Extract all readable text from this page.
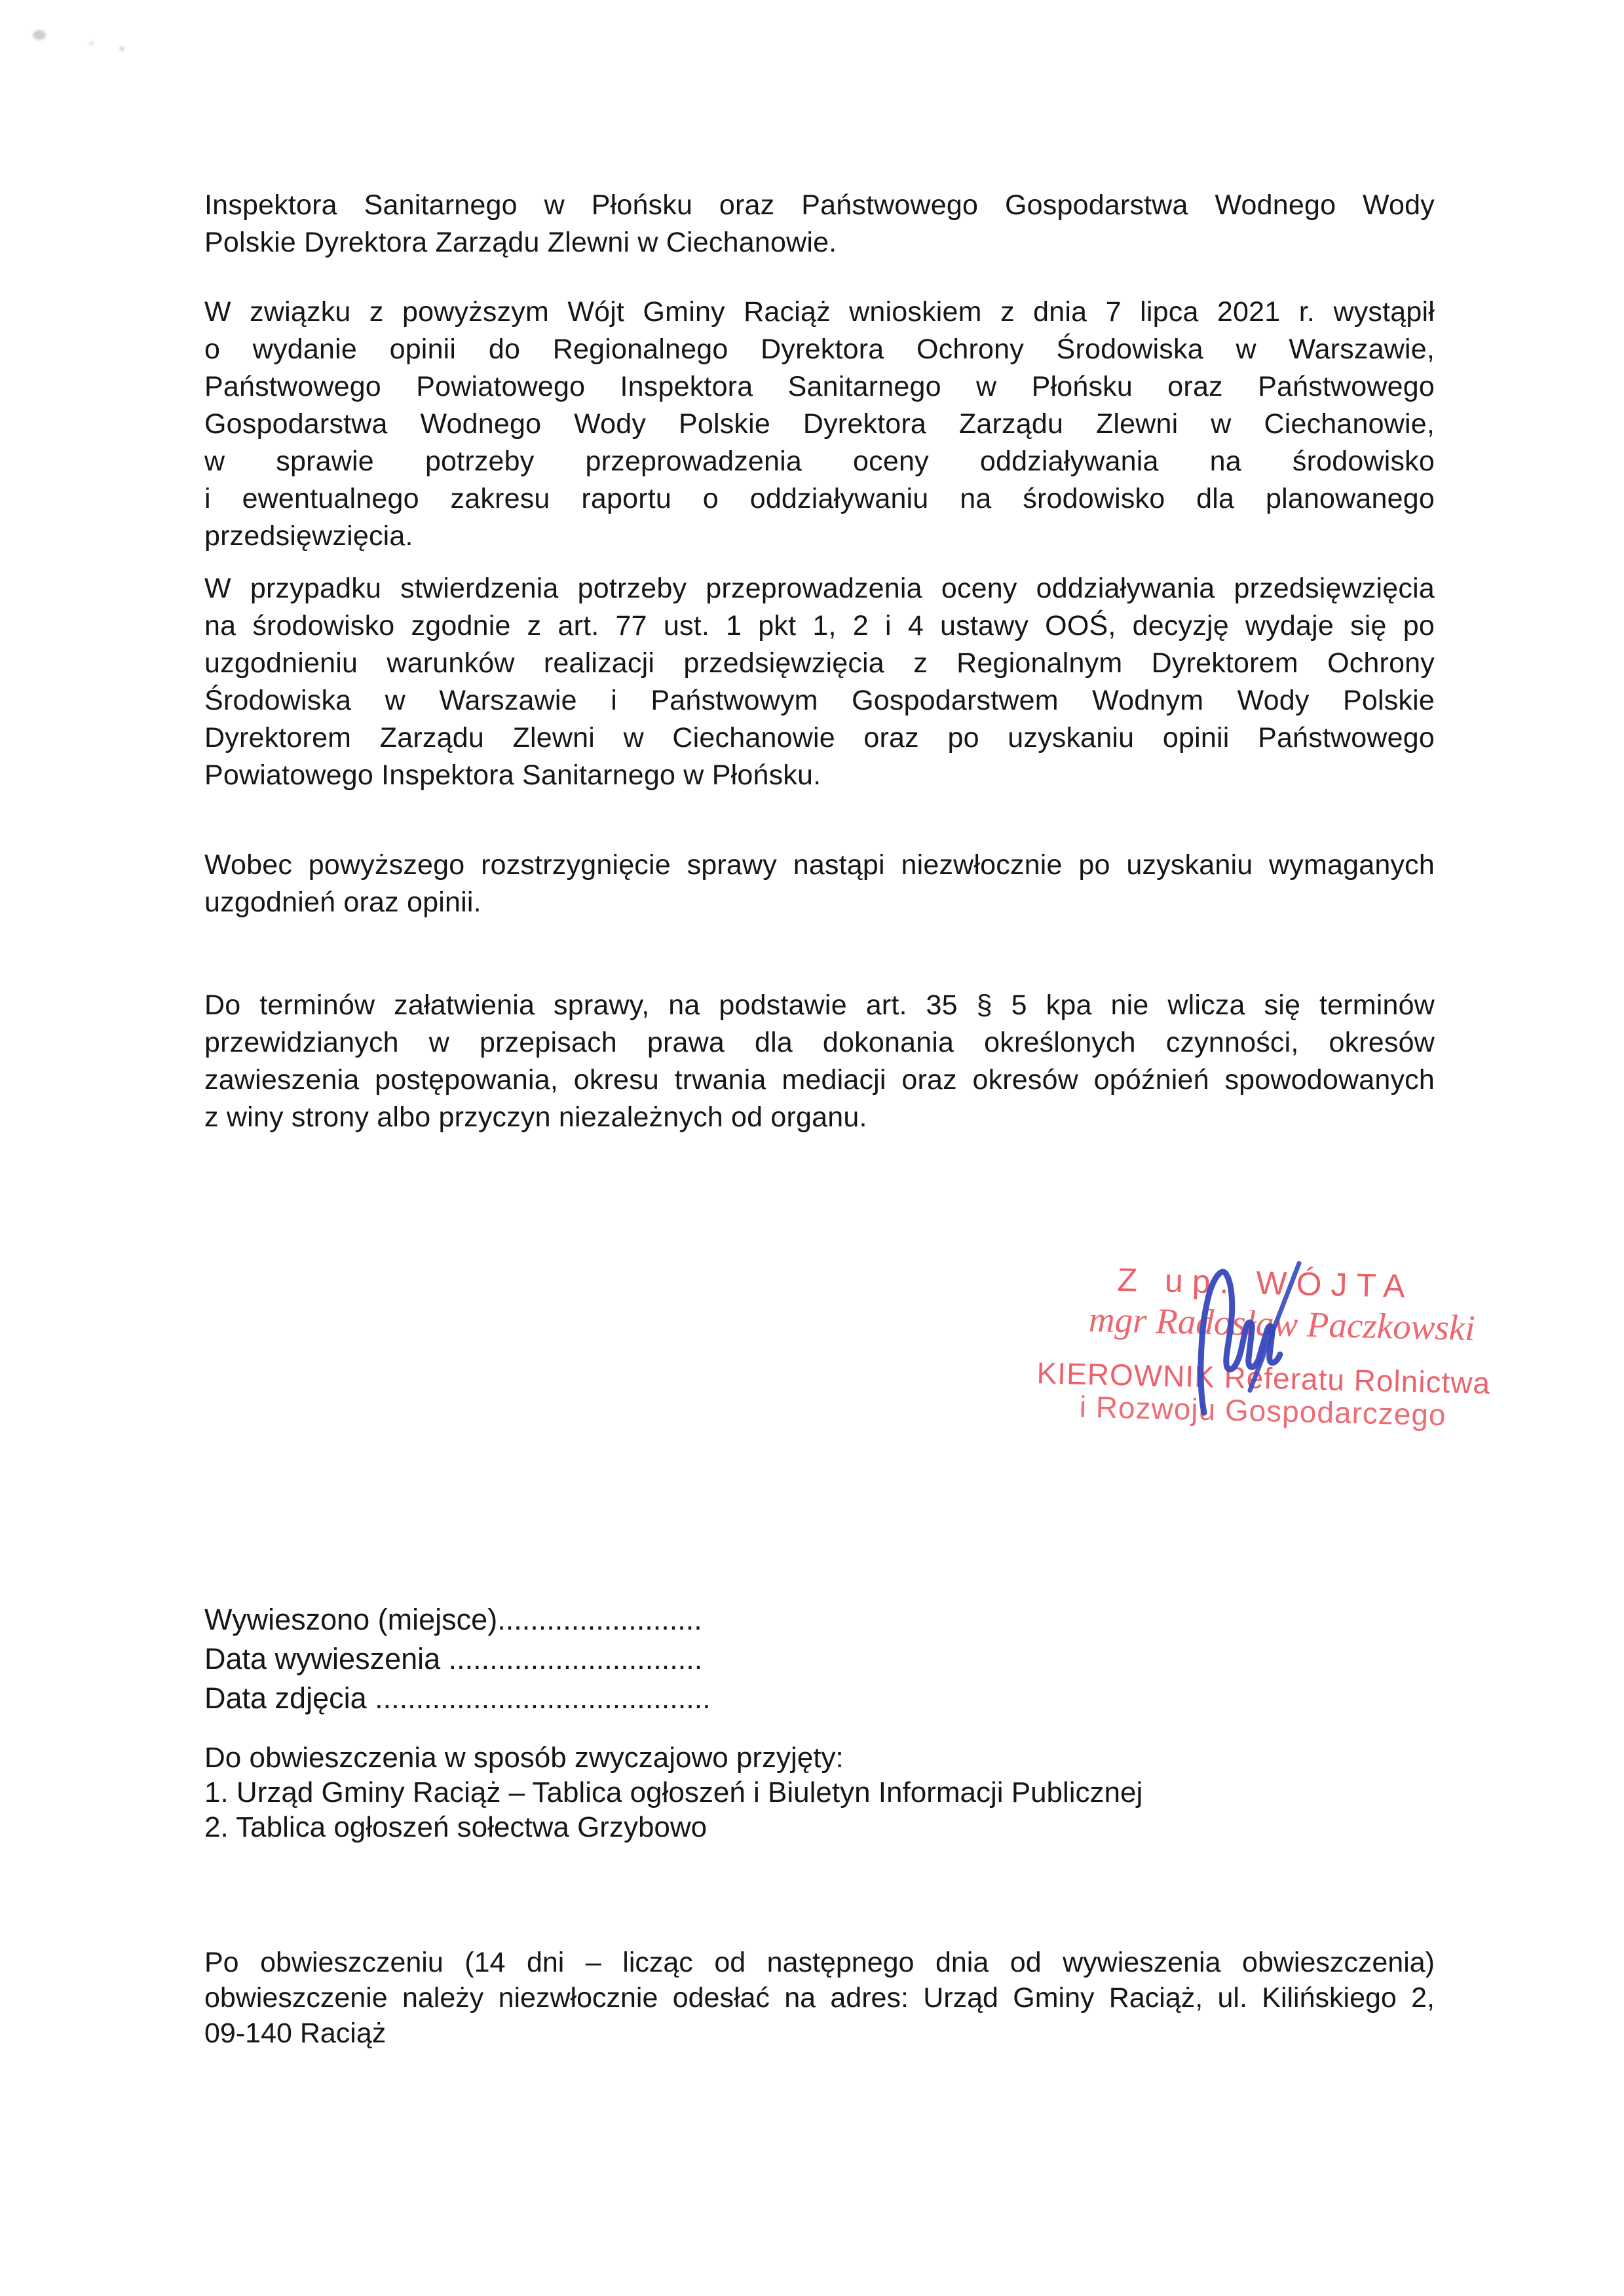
Inspektora Sanitarnego w Płońsku oraz Państwowego Gospodarstwa Wodnego Wody
Polskie Dyrektora Zarządu Zlewni w Ciechanowie.
W związku z powyższym Wójt Gminy Raciąż wnioskiem z dnia 7 lipca 2021 r. wystąpił
o wydanie opinii do Regionalnego Dyrektora Ochrony Środowiska w Warszawie,
Państwowego Powiatowego Inspektora Sanitarnego w Płońsku oraz Państwowego
Gospodarstwa Wodnego Wody Polskie Dyrektora Zarządu Zlewni w Ciechanowie,
w sprawie potrzeby przeprowadzenia oceny oddziaływania na środowisko
i ewentualnego zakresu raportu o oddziaływaniu na środowisko dla planowanego
przedsięwzięcia.
W przypadku stwierdzenia potrzeby przeprowadzenia oceny oddziaływania przedsięwzięcia
na środowisko zgodnie z art. 77 ust. 1 pkt 1, 2 i 4 ustawy OOŚ, decyzję wydaje się po
uzgodnieniu warunków realizacji przedsięwzięcia z Regionalnym Dyrektorem Ochrony
Środowiska w Warszawie i Państwowym Gospodarstwem Wodnym Wody Polskie
Dyrektorem Zarządu Zlewni w Ciechanowie oraz po uzyskaniu opinii Państwowego
Powiatowego Inspektora Sanitarnego w Płońsku.
Wobec powyższego rozstrzygnięcie sprawy nastąpi niezwłocznie po uzyskaniu wymaganych
uzgodnień oraz opinii.
Do terminów załatwienia sprawy, na podstawie art. 35 § 5 kpa nie wlicza się terminów
przewidzianych w przepisach prawa dla dokonania określonych czynności, okresów
zawieszenia postępowania, okresu trwania mediacji oraz okresów opóźnień spowodowanych
z winy strony albo przyczyn niezależnych od organu.
Z up. WÓJTA
mgr Radosław Paczkowski
KIEROWNIK Referatu Rolnictwa
i Rozwoju Gospodarczego
Wywieszono (miejsce).........................
Data wywieszenia ...............................
Data zdjęcia .........................................
Do obwieszczenia w sposób zwyczajowo przyjęty:
1. Urząd Gminy Raciąż – Tablica ogłoszeń i Biuletyn Informacji Publicznej
2. Tablica ogłoszeń sołectwa Grzybowo
Po obwieszczeniu (14 dni – licząc od następnego dnia od wywieszenia obwieszczenia)
obwieszczenie należy niezwłocznie odesłać na adres: Urząd Gminy Raciąż, ul. Kilińskiego 2,
09-140 Raciąż
